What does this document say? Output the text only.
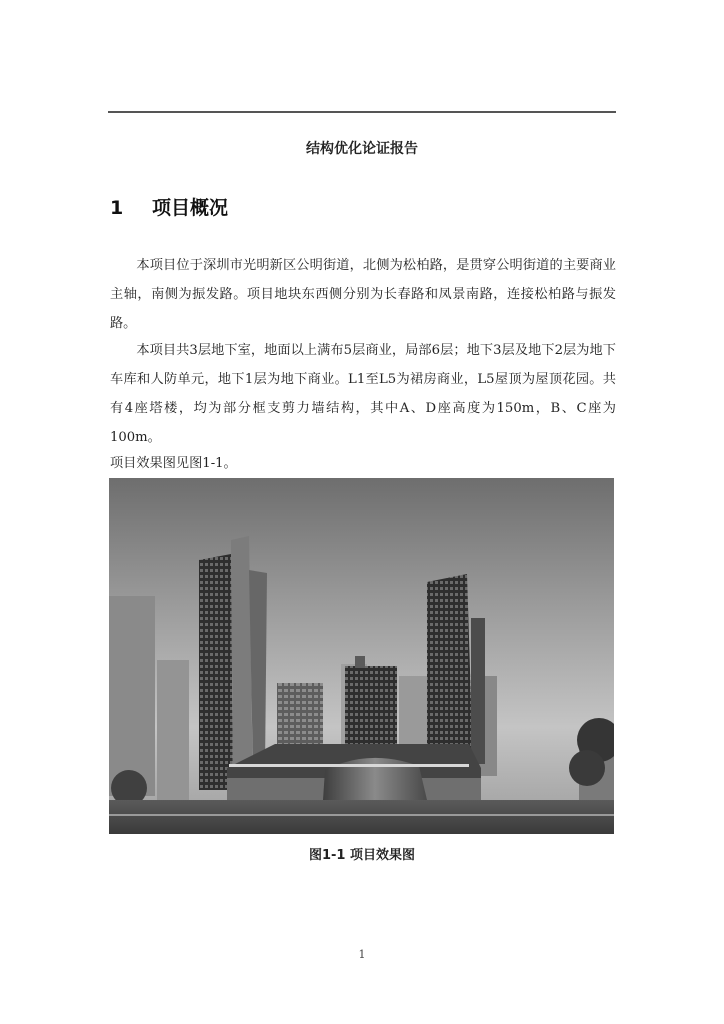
结构优化论证报告
1 项目概况
本项目位于深圳市光明新区公明街道，北侧为松柏路，是贯穿公明街道的主要商业主轴，南侧为振发路。项目地块东西侧分别为长春路和凤景南路，连接松柏路与振发路。
本项目共3层地下室，地面以上满布5层商业，局部6层；地下3层及地下2层为地下车库和人防单元，地下1层为地下商业。L1至L5为裙房商业，L5屋顶为屋顶花园。共有4座塔楼，均为部分框支剪力墙结构，其中A、D座高度为150m，B、C座为100m。
项目效果图见图1-1。
图1-1 项目效果图
1
